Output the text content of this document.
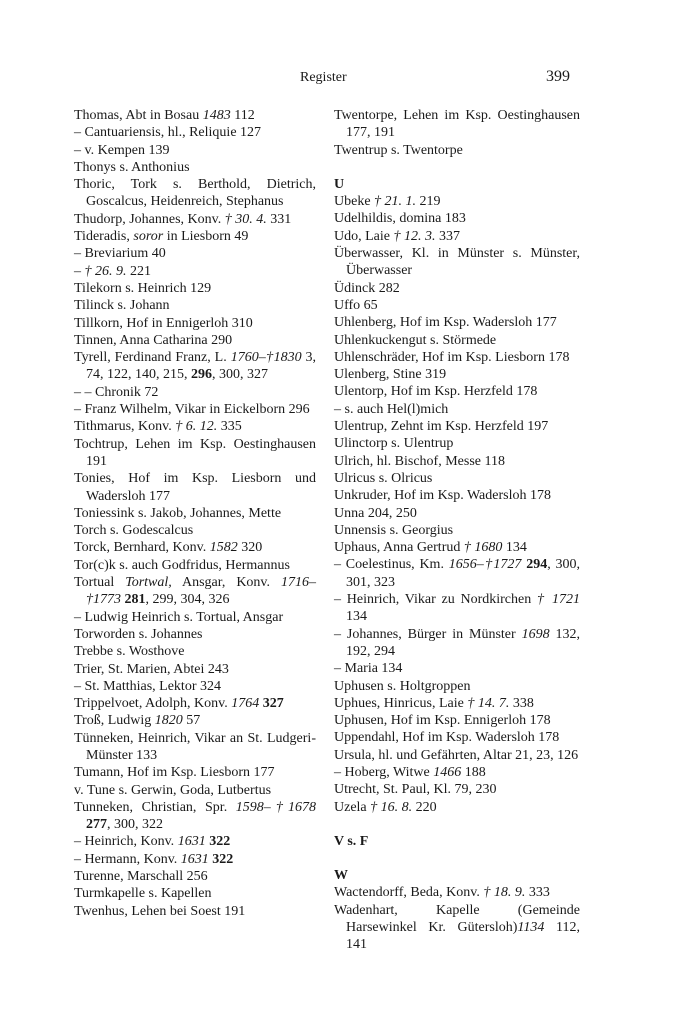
Register	399
Thomas, Abt in Bosau 1483 112
– Cantuariensis, hl., Reliquie 127
– v. Kempen 139
Thonys s. Anthonius
Thoric, Tork s. Berthold, Dietrich, Goscalcus, Heidenreich, Stephanus
Thudorp, Johannes, Konv. † 30. 4. 331
Tideradis, soror in Liesborn 49
– Breviarium 40
– † 26. 9. 221
Tilekorn s. Heinrich 129
Tilinck s. Johann
Tillkorn, Hof in Ennigerloh 310
Tinnen, Anna Catharina 290
Tyrell, Ferdinand Franz, L. 1760–†1830 3, 74, 122, 140, 215, 296, 300, 327
– – Chronik 72
– Franz Wilhelm, Vikar in Eickelborn 296
Tithmarus, Konv. † 6. 12. 335
Tochtrup, Lehen im Ksp. Oestinghausen 191
Tonies, Hof im Ksp. Liesborn und Wadersloh 177
Toniessink s. Jakob, Johannes, Mette
Torch s. Godescalcus
Torck, Bernhard, Konv. 1582 320
Tor(c)k s. auch Godfridus, Hermannus
Tortual Tortwal, Ansgar, Konv. 1716–†1773 281, 299, 304, 326
– Ludwig Heinrich s. Tortual, Ansgar
Torworden s. Johannes
Trebbe s. Wosthove
Trier, St. Marien, Abtei 243
– St. Matthias, Lektor 324
Trippelvoet, Adolph, Konv. 1764 327
Troß, Ludwig 1820 57
Tünneken, Heinrich, Vikar an St. Ludgeri-Münster 133
Tumann, Hof im Ksp. Liesborn 177
v. Tune s. Gerwin, Goda, Lutbertus
Tunneken, Christian, Spr. 1598–†1678 277, 300, 322
– Heinrich, Konv. 1631 322
– Hermann, Konv. 1631 322
Turenne, Marschall 256
Turmkapelle s. Kapellen
Twenhus, Lehen bei Soest 191
Twentorpe, Lehen im Ksp. Oestinghausen 177, 191
Twentrup s. Twentorpe
U
Ubeke † 21. 1. 219
Udelhildis, domina 183
Udo, Laie † 12. 3. 337
Überwasser, Kl. in Münster s. Münster, Überwasser
Üdinck 282
Uffo 65
Uhlenberg, Hof im Ksp. Wadersloh 177
Uhlenkuckengut s. Störmede
Uhlenschräder, Hof im Ksp. Liesborn 178
Ulenberg, Stine 319
Ulentorp, Hof im Ksp. Herzfeld 178
– s. auch Hel(l)mich
Ulentrup, Zehnt im Ksp. Herzfeld 197
Ulinctorp s. Ulentrup
Ulrich, hl. Bischof, Messe 118
Ulricus s. Olricus
Unkruder, Hof im Ksp. Wadersloh 178
Unna 204, 250
Unnensis s. Georgius
Uphaus, Anna Gertrud † 1680 134
– Coelestinus, Km. 1656–†1727 294, 300, 301, 323
– Heinrich, Vikar zu Nordkirchen † 1721 134
– Johannes, Bürger in Münster 1698 132, 192, 294
– Maria 134
Uphusen s. Holtgroppen
Uphues, Hinricus, Laie † 14. 7. 338
Uphusen, Hof im Ksp. Ennigerloh 178
Uppendahl, Hof im Ksp. Wadersloh 178
Ursula, hl. und Gefährten, Altar 21, 23, 126
– Hoberg, Witwe 1466 188
Utrecht, St. Paul, Kl. 79, 230
Uzela † 16. 8. 220
V s. F
W
Wactendorff, Beda, Konv. † 18. 9. 333
Wadenhart, Kapelle (Gemeinde Harsewinkel Kr. Gütersloh)1134 112, 141
